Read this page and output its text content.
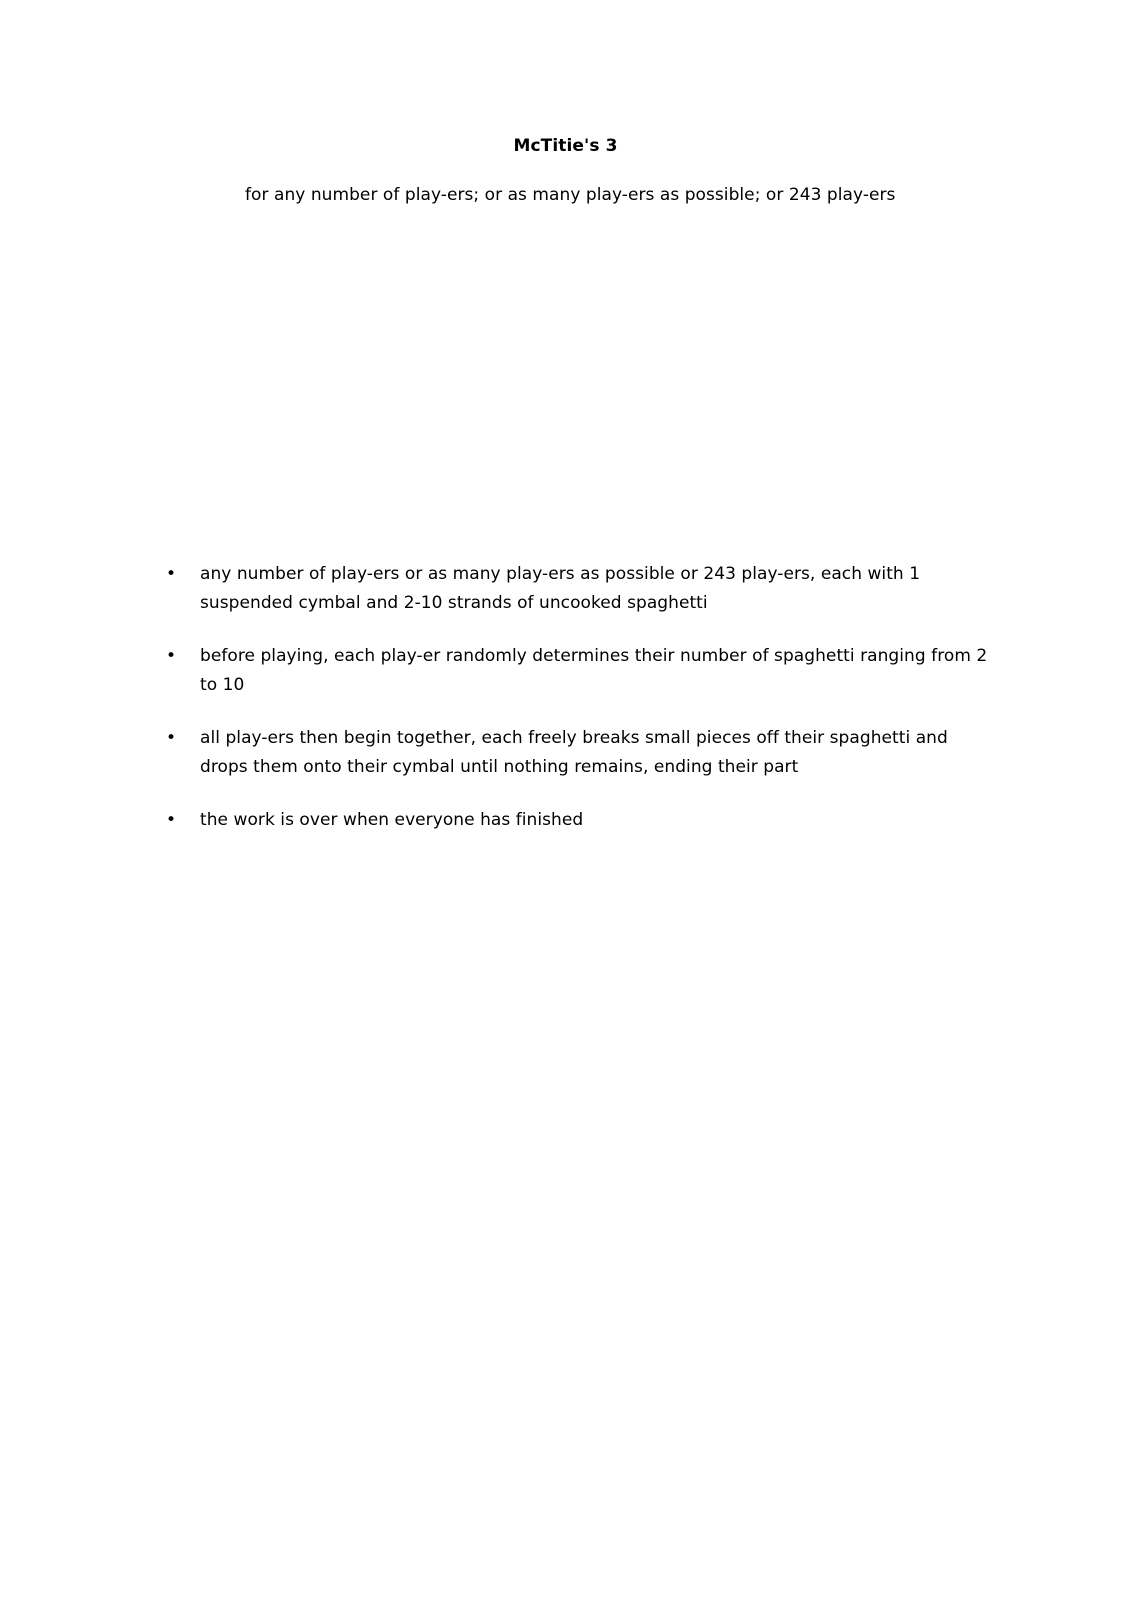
McTitie's 3
for any number of play-ers; or as many play-ers as possible; or 243 play-ers
•	any number of play-ers or as many play-ers as possible or 243 play-ers, each with 1 suspended cymbal and 2-10 strands of uncooked spaghetti
•	before playing, each play-er randomly determines their number of spaghetti ranging from 2 to 10
•	all play-ers then begin together, each freely breaks small pieces off their spaghetti and drops them onto their cymbal until nothing remains, ending their part
•	the work is over when everyone has finished
